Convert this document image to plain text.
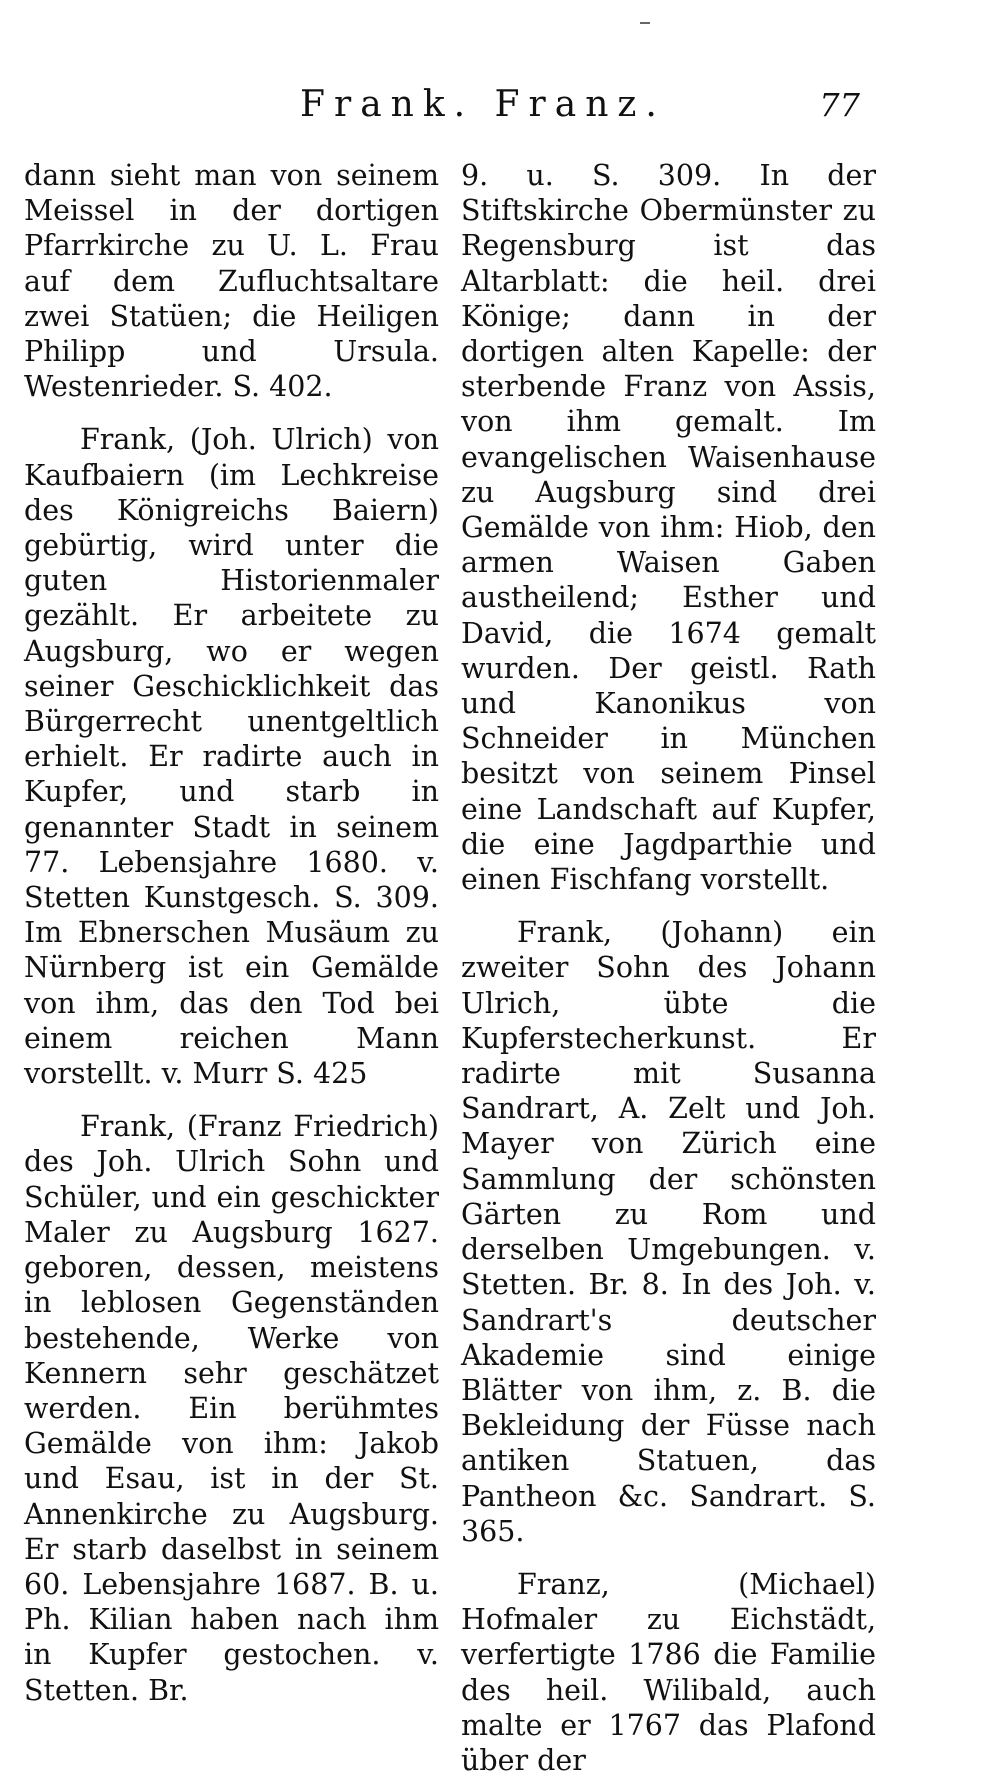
Frank. Franz.	77

dann sieht man von seinem Meissel in der dortigen Pfarrkirche zu U. L. Frau auf dem Zufluchtsaltare zwei Statüen; die Heiligen Philipp und Ursula. Westenrieder. S. 402.

Frank, (Joh. Ulrich) von Kaufbaiern (im Lechkreise des Königreichs Baiern) gebürtig, wird unter die guten Historienmaler gezählt. Er arbeitete zu Augsburg, wo er wegen seiner Geschicklichkeit das Bürgerrecht unentgeltlich erhielt. Er radirte auch in Kupfer, und starb in genannter Stadt in seinem 77. Lebensjahre 1680. v. Stetten Kunstgesch. S. 309. Im Ebnerschen Musäum zu Nürnberg ist ein Gemälde von ihm, das den Tod bei einem reichen Mann vorstellt. v. Murr S. 425

Frank, (Franz Friedrich) des Joh. Ulrich Sohn und Schüler, und ein geschickter Maler zu Augsburg 1627. geboren, dessen, meistens in leblosen Gegenständen bestehende, Werke von Kennern sehr geschätzet werden. Ein berühmtes Gemälde von ihm: Jakob und Esau, ist in der St. Annenkirche zu Augsburg. Er starb daselbst in seinem 60. Lebensjahre 1687. B. u. Ph. Kilian haben nach ihm in Kupfer gestochen. v. Stetten. Br.

9. u. S. 309. In der Stiftskirche Obermünster zu Regensburg ist das Altarblatt: die heil. drei Könige; dann in der dortigen alten Kapelle: der sterbende Franz von Assis, von ihm gemalt. Im evangelischen Waisenhause zu Augsburg sind drei Gemälde von ihm: Hiob, den armen Waisen Gaben austheilend; Esther und David, die 1674 gemalt wurden. Der geistl. Rath und Kanonikus von Schneider in München besitzt von seinem Pinsel eine Landschaft auf Kupfer, die eine Jagdparthie und einen Fischfang vorstellt.

Frank, (Johann) ein zweiter Sohn des Johann Ulrich, übte die Kupferstecherkunst. Er radirte mit Susanna Sandrart, A. Zelt und Joh. Mayer von Zürich eine Sammlung der schönsten Gärten zu Rom und derselben Umgebungen. v. Stetten. Br. 8. In des Joh. v. Sandrart's deutscher Akademie sind einige Blätter von ihm, z. B. die Bekleidung der Füsse nach antiken Statuen, das Pantheon &c. Sandrart. S. 365.

Franz, (Michael) Hofmaler zu Eichstädt, verfertigte 1786 die Familie des heil. Wilibald, auch malte er 1767 das Plafond über der
